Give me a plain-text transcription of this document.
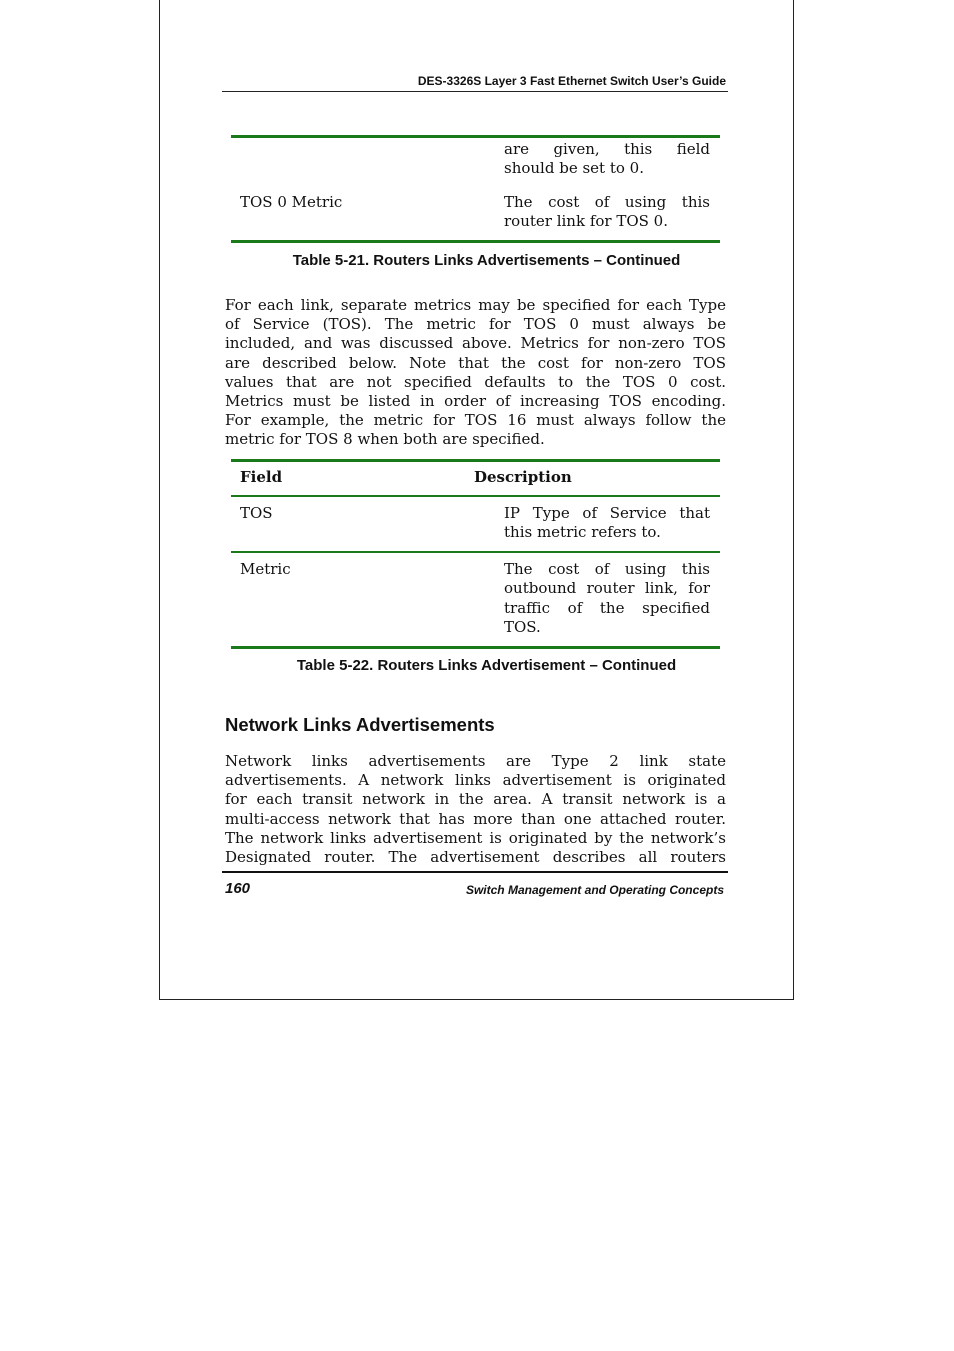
DES-3326S Layer 3 Fast Ethernet Switch User’s Guide
are given, this field
should be set to 0.
TOS 0 Metric	The cost of using this
router link for TOS 0.
Table 5-21. Routers Links Advertisements – Continued
For each link, separate metrics may be specified for each Type
of Service (TOS). The metric for TOS 0 must always be
included, and was discussed above. Metrics for non-zero TOS
are described below. Note that the cost for non-zero TOS
values that are not specified defaults to the TOS 0 cost.
Metrics must be listed in order of increasing TOS encoding.
For example, the metric for TOS 16 must always follow the
metric for TOS 8 when both are specified.
Field	Description
TOS	IP Type of Service that
this metric refers to.
Metric	The cost of using this
outbound router link, for
traffic of the specified
TOS.
Table 5-22. Routers Links Advertisement – Continued
Network Links Advertisements
Network links advertisements are Type 2 link state
advertisements. A network links advertisement is originated
for each transit network in the area. A transit network is a
multi-access network that has more than one attached router.
The network links advertisement is originated by the network’s
Designated router. The advertisement describes all routers
160	Switch Management and Operating Concepts
